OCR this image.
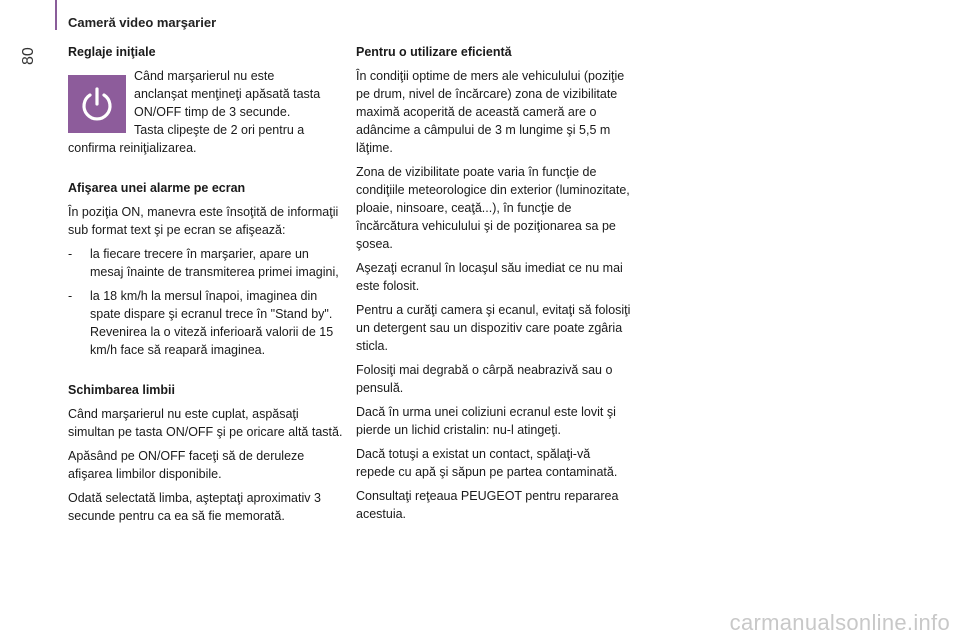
Cameră video marşarier
80 Reglaje iniţiale

Când marşarierul nu este

anclanşat menţineţi apăsată tasta

ON/OFF timp de 3 secunde.

Tasta clipeşte de 2 ori pentru a

confirma reiniţializarea.

Afişarea unei alarme pe ecran

În poziţia ON, manevra este însoţită de informaţii sub format text şi pe ecran se afişează:

-	la fiecare trecere în marşarier, apare un mesaj înainte de transmiterea primei imagini,
-	la 18 km/h la mersul înapoi, imaginea din spate dispare şi ecranul trece în "Stand by". Revenirea la o viteză inferioară valorii de 15 km/h face să reapară imaginea.
Schimbarea limbii

Când marşarierul nu este cuplat, aspăsaţi simultan pe tasta ON/OFF şi pe oricare altă tastă.

Apăsând pe ON/OFF faceţi să de deruleze afişarea limbilor disponibile.

Odată selectată limba, aşteptaţi aproximativ 3 secunde pentru ca ea să fie memorată.

Pentru o utilizare eficientă

În condiţii optime de mers ale vehiculului (poziţie pe drum, nivel de încărcare) zona de vizibilitate maximă acoperită de această cameră are o adâncime a câmpului de 3 m lungime şi 5,5 m lăţime.

Zona de vizibilitate poate varia în funcţie de condiţiile meteorologice din exterior (luminozitate, ploaie, ninsoare, ceaţă...), în funcţie de încărcătura vehiculului şi de poziţionarea sa pe şosea.

Aşezaţi ecranul în locaşul său imediat ce nu mai este folosit.

Pentru a curăţi camera şi ecanul, evitaţi să folosiţi un detergent sau un dispozitiv care poate zgâria sticla.

Folosiţi mai degrabă o cârpă neabrazivă sau o pensulă.

Dacă în urma unei coliziuni ecranul este lovit şi pierde un lichid cristalin: nu-l atingeţi.

Dacă totuşi a existat un contact, spălaţi-vă repede cu apă şi săpun pe partea contaminată.

Consultaţi reţeaua PEUGEOT pentru repararea acestuia.

carmanualsonline.info
